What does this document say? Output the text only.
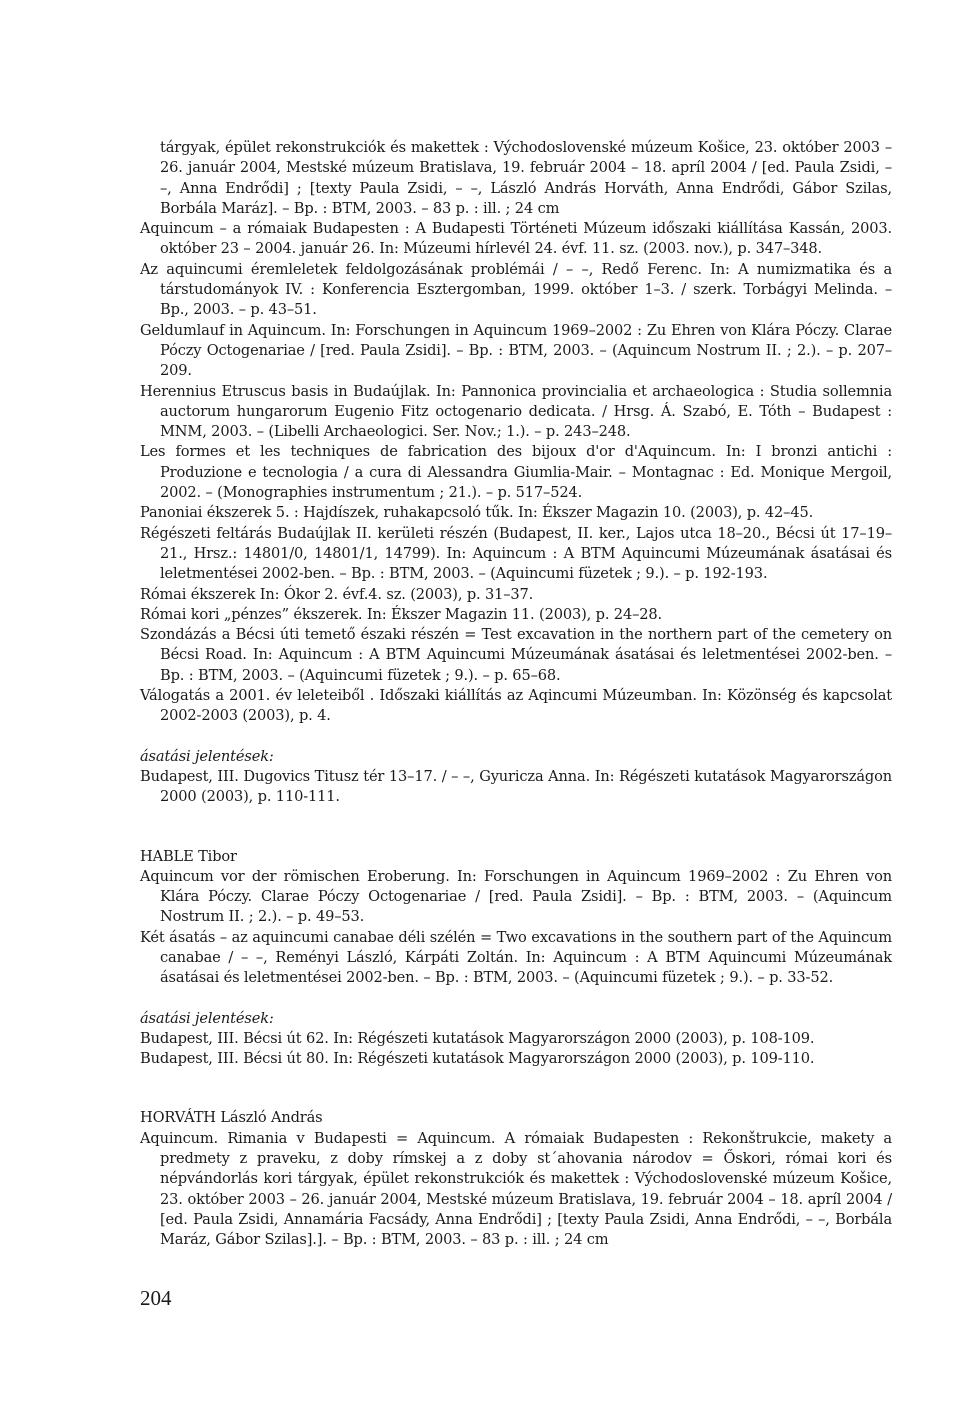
tárgyak, épület rekonstrukciók és makettek : Východoslovenské múzeum Košice, 23. október 2003 – 26. január 2004, Mestské múzeum Bratislava, 19. február 2004 – 18. apríl 2004 / [ed. Paula Zsidi, – –, Anna Endrődi] ; [texty Paula Zsidi, – –, László András Horváth, Anna Endrődi, Gábor Szilas, Borbála Maráz]. – Bp. : BTM, 2003. – 83 p. : ill. ; 24 cm

Aquincum – a rómaiak Budapesten : A Budapesti Történeti Múzeum időszaki kiállítása Kassán, 2003. október 23 – 2004. január 26. In: Múzeumi hírlevél 24. évf. 11. sz. (2003. nov.), p. 347–348.

Az aquincumi éremleletek feldolgozásának problémái / – –, Redő Ferenc. In: A numizmatika és a társtudományok IV. : Konferencia Esztergomban, 1999. október 1–3. / szerk. Torbágyi Melinda. – Bp., 2003. – p. 43–51.

Geldumlauf in Aquincum. In: Forschungen in Aquincum 1969–2002 : Zu Ehren von Klára Póczy. Clarae Póczy Octogenariae / [red. Paula Zsidi]. – Bp. : BTM, 2003. – (Aquincum Nostrum II. ; 2.). – p. 207–209.

Herennius Etruscus basis in Budaújlak. In: Pannonica provincialia et archaeologica : Studia sollemnia auctorum hungarorum Eugenio Fitz octogenario dedicata. / Hrsg. Á. Szabó, E. Tóth – Budapest : MNM, 2003. – (Libelli Archaeologici. Ser. Nov.; 1.). – p. 243–248.

Les formes et les techniques de fabrication des bijoux d'or d'Aquincum. In: I bronzi antichi : Produzione e tecnologia / a cura di Alessandra Giumlia-Mair. – Montagnac : Ed. Monique Mergoil, 2002. – (Monographies instrumentum ; 21.). – p. 517–524.

Panoniai ékszerek 5. : Hajdíszek, ruhakapcsoló tűk. In: Ékszer Magazin 10. (2003), p. 42–45.

Régészeti feltárás Budaújlak II. kerületi részén (Budapest, II. ker., Lajos utca 18–20., Bécsi út 17–19–21., Hrsz.: 14801/0, 14801/1, 14799). In: Aquincum : A BTM Aquincumi Múzeumának ásatásai és leletmentései 2002-ben. – Bp. : BTM, 2003. – (Aquincumi füzetek ; 9.). – p. 192-193.

Római ékszerek In: Ókor 2. évf.4. sz. (2003), p. 31–37.

Római kori „pénzes” ékszerek. In: Ékszer Magazin 11. (2003), p. 24–28.

Szondázás a Bécsi úti temető északi részén = Test excavation in the northern part of the cemetery on Bécsi Road. In: Aquincum : A BTM Aquincumi Múzeumának ásatásai és leletmentései 2002-ben. – Bp. : BTM, 2003. – (Aquincumi füzetek ; 9.). – p. 65–68.

Válogatás a 2001. év leleteiből . Időszaki kiállítás az Aqincumi Múzeumban. In: Közönség és kapcsolat 2002-2003 (2003), p. 4.

ásatási jelentések:

Budapest, III. Dugovics Titusz tér 13–17. / – –, Gyuricza Anna. In: Régészeti kutatások Magyarországon 2000 (2003), p. 110-111.

HABLE Tibor

Aquincum vor der römischen Eroberung. In: Forschungen in Aquincum 1969–2002 : Zu Ehren von Klára Póczy. Clarae Póczy Octogenariae / [red. Paula Zsidi]. – Bp. : BTM, 2003. – (Aquincum Nostrum II. ; 2.). – p. 49–53.

Két ásatás – az aquincumi canabae déli szélén = Two excavations in the southern part of the Aquincum canabae / – –, Reményi László, Kárpáti Zoltán. In: Aquincum : A BTM Aquincumi Múzeumának ásatásai és leletmentései 2002-ben. – Bp. : BTM, 2003. – (Aquincumi füzetek ; 9.). – p. 33-52.

ásatási jelentések:

Budapest, III. Bécsi út 62. In: Régészeti kutatások Magyarországon 2000 (2003), p. 108-109.

Budapest, III. Bécsi út 80. In: Régészeti kutatások Magyarországon 2000 (2003), p. 109-110.

HORVÁTH László András

Aquincum. Rimania v Budapesti = Aquincum. A rómaiak Budapesten : Rekonštrukcie, makety a predmety z praveku, z doby rímskej a z doby st´ahovania národov = Őskori, római kori és népvándorlás kori tárgyak, épület rekonstrukciók és makettek : Východoslovenské múzeum Košice, 23. október 2003 – 26. január 2004, Mestské múzeum Bratislava, 19. február 2004 – 18. apríl 2004 / [ed. Paula Zsidi, Annamária Facsády, Anna Endrődi] ; [texty Paula Zsidi, Anna Endrődi, – –, Borbála Maráz, Gábor Szilas].]. – Bp. : BTM, 2003. – 83 p. : ill. ; 24 cm

204
